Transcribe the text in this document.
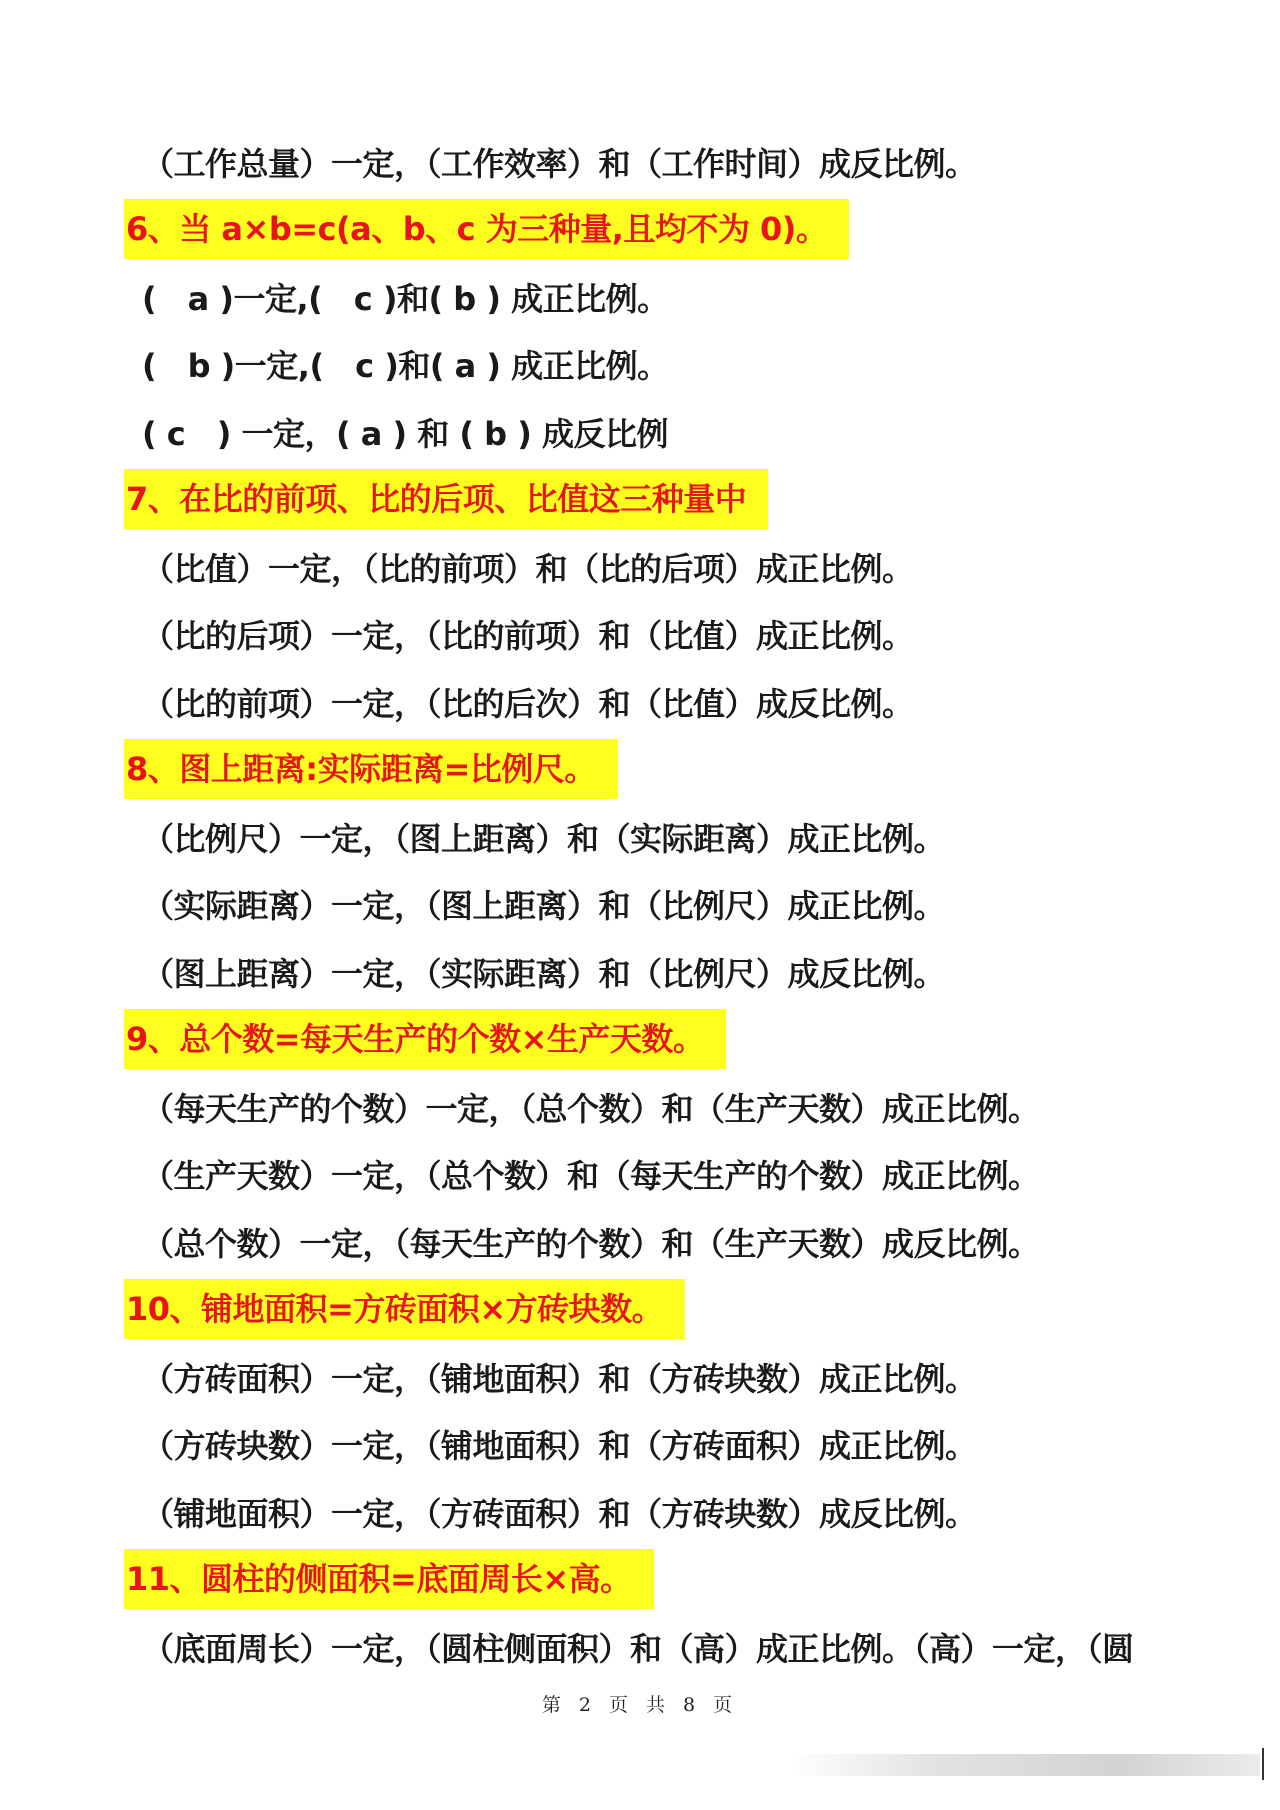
（工作总量）一定，（工作效率）和（工作时间）成反比例。
6、当 a×b=c(a、b、c 为三种量,且均不为 0)。
(　a )一定,(　c )和( b ) 成正比例。
(　b )一定,(　c )和( a ) 成正比例。
( c　) 一定，( a ) 和 ( b ) 成反比例
7、在比的前项、比的后项、比值这三种量中
（比值）一定，（比的前项）和（比的后项）成正比例。
（比的后项）一定，（比的前项）和（比值）成正比例。
（比的前项）一定，（比的后次）和（比值）成反比例。
8、图上距离:实际距离=比例尺。
（比例尺）一定，（图上距离）和（实际距离）成正比例。
（实际距离）一定，（图上距离）和（比例尺）成正比例。
（图上距离）一定，（实际距离）和（比例尺）成反比例。
9、总个数=每天生产的个数×生产天数。
（每天生产的个数）一定，（总个数）和（生产天数）成正比例。
（生产天数）一定，（总个数）和（每天生产的个数）成正比例。
（总个数）一定，（每天生产的个数）和（生产天数）成反比例。
10、铺地面积=方砖面积×方砖块数。
（方砖面积）一定，（铺地面积）和（方砖块数）成正比例。
（方砖块数）一定，（铺地面积）和（方砖面积）成正比例。
（铺地面积）一定，（方砖面积）和（方砖块数）成反比例。
11、圆柱的侧面积=底面周长×高。
（底面周长）一定，（圆柱侧面积）和（高）成正比例。（高）一定，（圆
第 2 页 共 8 页
